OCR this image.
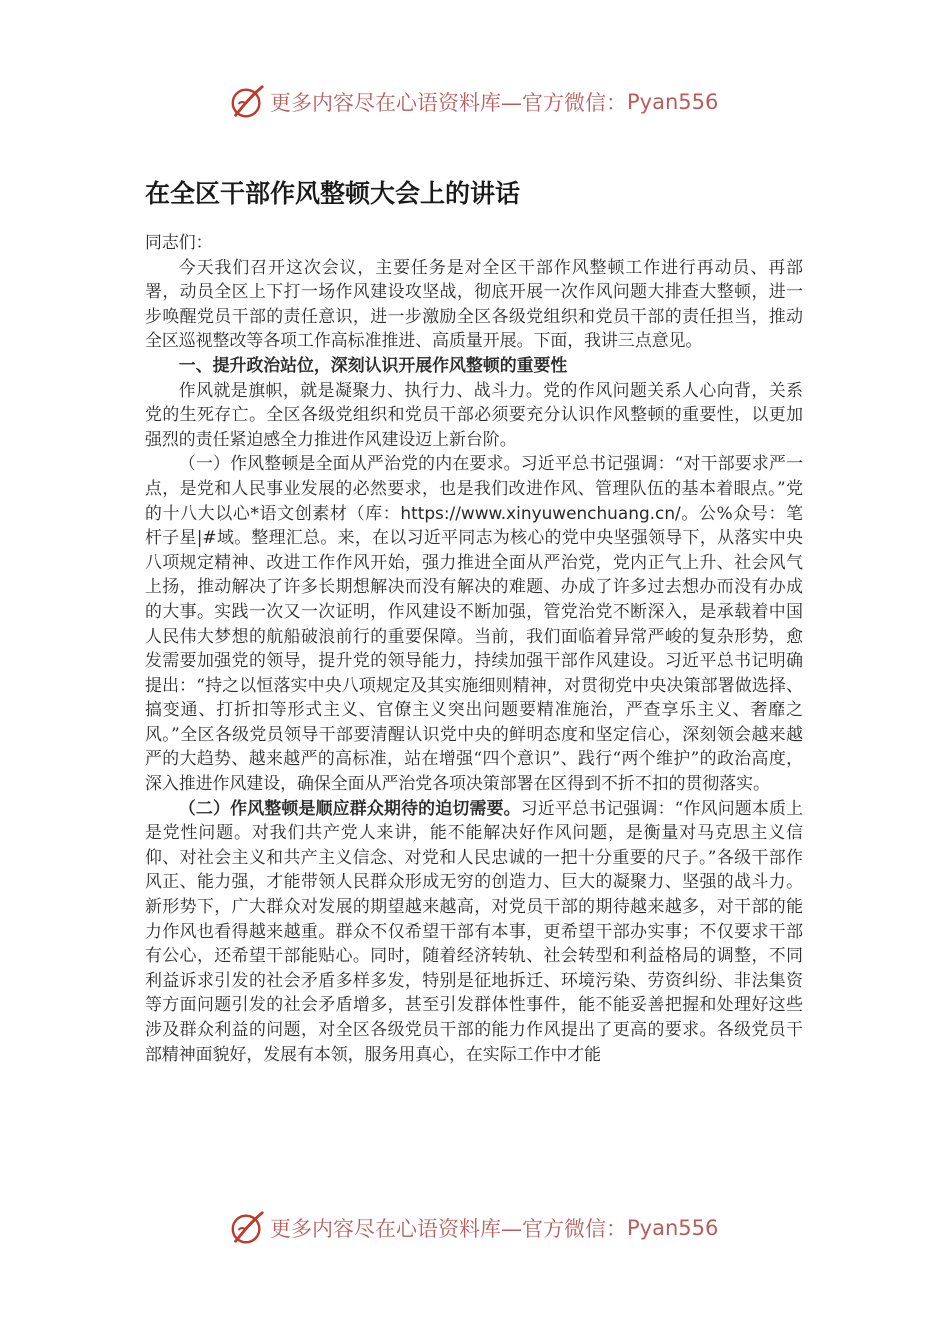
更多内容尽在心语资料库—官方微信： Pyan556
在全区干部作风整顿大会上的讲话

同志们：

今天我们召开这次会议，主要任务是对全区干部作风整顿工作进行再动员、再部署，动员全区上下打一场作风建设攻坚战，彻底开展一次作风问题大排查大整顿，进一步唤醒党员干部的责任意识，进一步激励全区各级党组织和党员干部的责任担当，推动全区巡视整改等各项工作高标准推进、高质量开展。下面，我讲三点意见。

一、提升政治站位，深刻认识开展作风整顿的重要性

作风就是旗帜，就是凝聚力、执行力、战斗力。党的作风问题关系人心向背，关系党的生死存亡。全区各级党组织和党员干部必须要充分认识作风整顿的重要性，以更加强烈的责任紧迫感全力推进作风建设迈上新台阶。

（一）作风整顿是全面从严治党的内在要求。习近平总书记强调：“对干部要求严一点，是党和人民事业发展的必然要求，也是我们改进作风、管理队伍的基本着眼点。”党的十八大以心*语文创素材（库：https://www.xinyuwenchuang.cn/。公%众号：笔杆子星|#域。整理汇总。来，在以习近平同志为核心的党中央坚强领导下，从落实中央八项规定精神、改进工作作风开始，强力推进全面从严治党，党内正气上升、社会风气上扬，推动解决了许多长期想解决而没有解决的难题、办成了许多过去想办而没有办成的大事。实践一次又一次证明，作风建设不断加强，管党治党不断深入，是承载着中国人民伟大梦想的航船破浪前行的重要保障。当前，我们面临着异常严峻的复杂形势，愈发需要加强党的领导，提升党的领导能力，持续加强干部作风建设。习近平总书记明确提出：“持之以恒落实中央八项规定及其实施细则精神，对贯彻党中央决策部署做选择、搞变通、打折扣等形式主义、官僚主义突出问题要精准施治，严查享乐主义、奢靡之风。”全区各级党员领导干部要清醒认识党中央的鲜明态度和坚定信心，深刻领会越来越严的大趋势、越来越严的高标准，站在增强“四个意识”、践行“两个维护”的政治高度，深入推进作风建设，确保全面从严治党各项决策部署在区得到不折不扣的贯彻落实。

（二）作风整顿是顺应群众期待的迫切需要。习近平总书记强调：“作风问题本质上是党性问题。对我们共产党人来讲，能不能解决好作风问题，是衡量对马克思主义信仰、对社会主义和共产主义信念、对党和人民忠诚的一把十分重要的尺子。”各级干部作风正、能力强，才能带领人民群众形成无穷的创造力、巨大的凝聚力、坚强的战斗力。新形势下，广大群众对发展的期望越来越高，对党员干部的期待越来越多，对干部的能力作风也看得越来越重。群众不仅希望干部有本事，更希望干部办实事；不仅要求干部有公心，还希望干部能贴心。同时，随着经济转轨、社会转型和利益格局的调整，不同利益诉求引发的社会矛盾多样多发，特别是征地拆迁、环境污染、劳资纠纷、非法集资等方面问题引发的社会矛盾增多，甚至引发群体性事件，能不能妥善把握和处理好这些涉及群众利益的问题，对全区各级党员干部的能力作风提出了更高的要求。各级党员干部精神面貌好，发展有本领，服务用真心，在实际工作中才能

更多内容尽在心语资料库—官方微信： Pyan556
